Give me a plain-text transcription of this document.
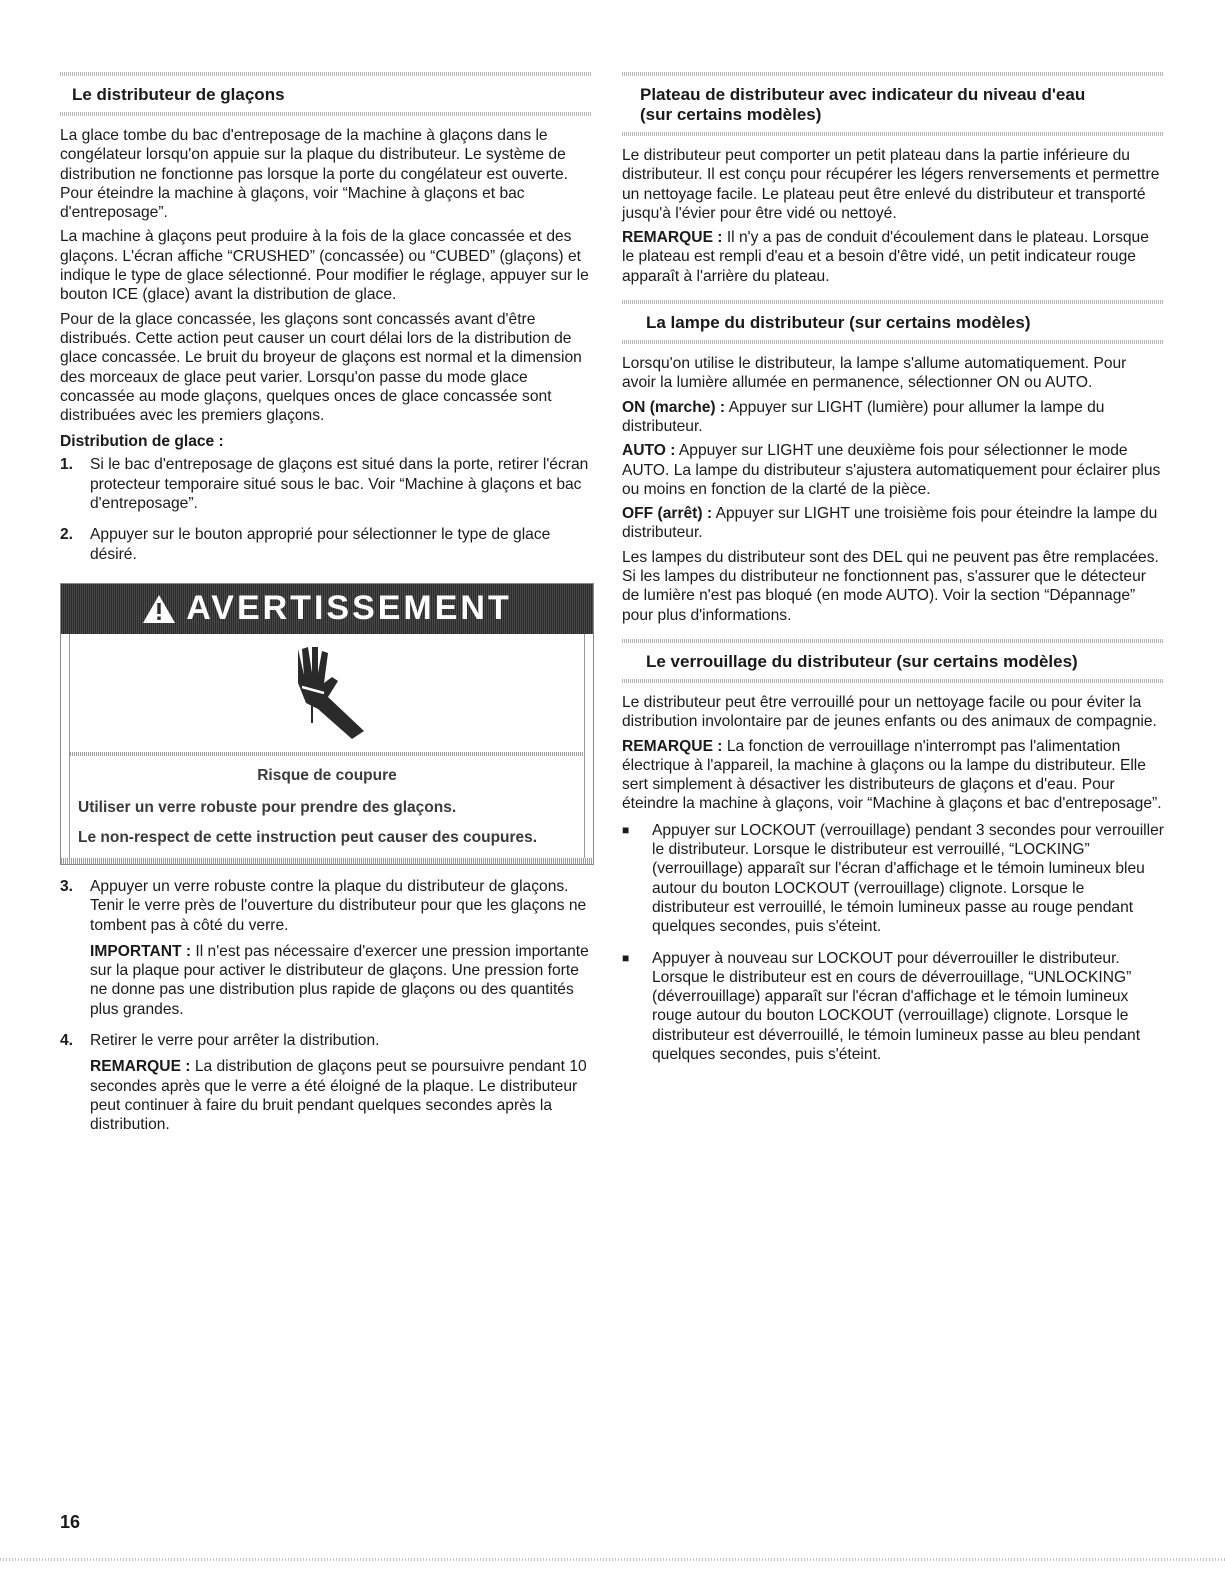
Le distributeur de glaçons

La glace tombe du bac d'entreposage de la machine à glaçons dans le congélateur lorsqu'on appuie sur la plaque du distributeur. Le système de distribution ne fonctionne pas lorsque la porte du congélateur est ouverte. Pour éteindre la machine à glaçons, voir “Machine à glaçons et bac d'entreposage”.

La machine à glaçons peut produire à la fois de la glace concassée et des glaçons. L'écran affiche “CRUSHED” (concassée) ou “CUBED” (glaçons) et indique le type de glace sélectionné. Pour modifier le réglage, appuyer sur le bouton ICE (glace) avant la distribution de glace.

Pour de la glace concassée, les glaçons sont concassés avant d'être distribués. Cette action peut causer un court délai lors de la distribution de glace concassée. Le bruit du broyeur de glaçons est normal et la dimension des morceaux de glace peut varier. Lorsqu'on passe du mode glace concassée au mode glaçons, quelques onces de glace concassée sont distribuées avec les premiers glaçons.

Distribution de glace :
1.	Si le bac d'entreposage de glaçons est situé dans la porte, retirer l'écran protecteur temporaire situé sous le bac. Voir “Machine à glaçons et bac d'entreposage”.

2.	Appuyer sur le bouton approprié pour sélectionner le type de glace désiré.

AVERTISSEMENT
Risque de coupure
Utiliser un verre robuste pour prendre des glaçons.
Le non-respect de cette instruction peut causer des coupures.
3.	Appuyer un verre robuste contre la plaque du distributeur de glaçons. Tenir le verre près de l'ouverture du distributeur pour que les glaçons ne tombent pas à côté du verre.

IMPORTANT : Il n'est pas nécessaire d'exercer une pression importante sur la plaque pour activer le distributeur de glaçons. Une pression forte ne donne pas une distribution plus rapide de glaçons ou des quantités plus grandes.

4.	Retirer le verre pour arrêter la distribution.

REMARQUE : La distribution de glaçons peut se poursuivre pendant 10 secondes après que le verre a été éloigné de la plaque. Le distributeur peut continuer à faire du bruit pendant quelques secondes après la distribution.

Plateau de distributeur avec indicateur du niveau d'eau
(sur certains modèles)

Le distributeur peut comporter un petit plateau dans la partie inférieure du distributeur. Il est conçu pour récupérer les légers renversements et permettre un nettoyage facile. Le plateau peut être enlevé du distributeur et transporté jusqu'à l'évier pour être vidé ou nettoyé.

REMARQUE : Il n'y a pas de conduit d'écoulement dans le plateau. Lorsque le plateau est rempli d'eau et a besoin d'être vidé, un petit indicateur rouge apparaît à l'arrière du plateau.

La lampe du distributeur (sur certains modèles)

Lorsqu'on utilise le distributeur, la lampe s'allume automatiquement. Pour avoir la lumière allumée en permanence, sélectionner ON ou AUTO.

ON (marche) : Appuyer sur LIGHT (lumière) pour allumer la lampe du distributeur.

AUTO : Appuyer sur LIGHT une deuxième fois pour sélectionner le mode AUTO. La lampe du distributeur s'ajustera automatiquement pour éclairer plus ou moins en fonction de la clarté de la pièce.

OFF (arrêt) : Appuyer sur LIGHT une troisième fois pour éteindre la lampe du distributeur.

Les lampes du distributeur sont des DEL qui ne peuvent pas être remplacées. Si les lampes du distributeur ne fonctionnent pas, s'assurer que le détecteur de lumière n'est pas bloqué (en mode AUTO). Voir la section “Dépannage” pour plus d'informations.

Le verrouillage du distributeur (sur certains modèles)

Le distributeur peut être verrouillé pour un nettoyage facile ou pour éviter la distribution involontaire par de jeunes enfants ou des animaux de compagnie.

REMARQUE : La fonction de verrouillage n'interrompt pas l'alimentation électrique à l'appareil, la machine à glaçons ou la lampe du distributeur. Elle sert simplement à désactiver les distributeurs de glaçons et d'eau. Pour éteindre la machine à glaçons, voir “Machine à glaçons et bac d'entreposage”.

■	Appuyer sur LOCKOUT (verrouillage) pendant 3 secondes pour verrouiller le distributeur. Lorsque le distributeur est verrouillé, “LOCKING” (verrouillage) apparaît sur l'écran d'affichage et le témoin lumineux bleu autour du bouton LOCKOUT (verrouillage) clignote. Lorsque le distributeur est verrouillé, le témoin lumineux passe au rouge pendant quelques secondes, puis s'éteint.

■	Appuyer à nouveau sur LOCKOUT pour déverrouiller le distributeur. Lorsque le distributeur est en cours de déverrouillage, “UNLOCKING” (déverrouillage) apparaît sur l'écran d'affichage et le témoin lumineux rouge autour du bouton LOCKOUT (verrouillage) clignote. Lorsque le distributeur est déverrouillé, le témoin lumineux passe au bleu pendant quelques secondes, puis s'éteint.

16
